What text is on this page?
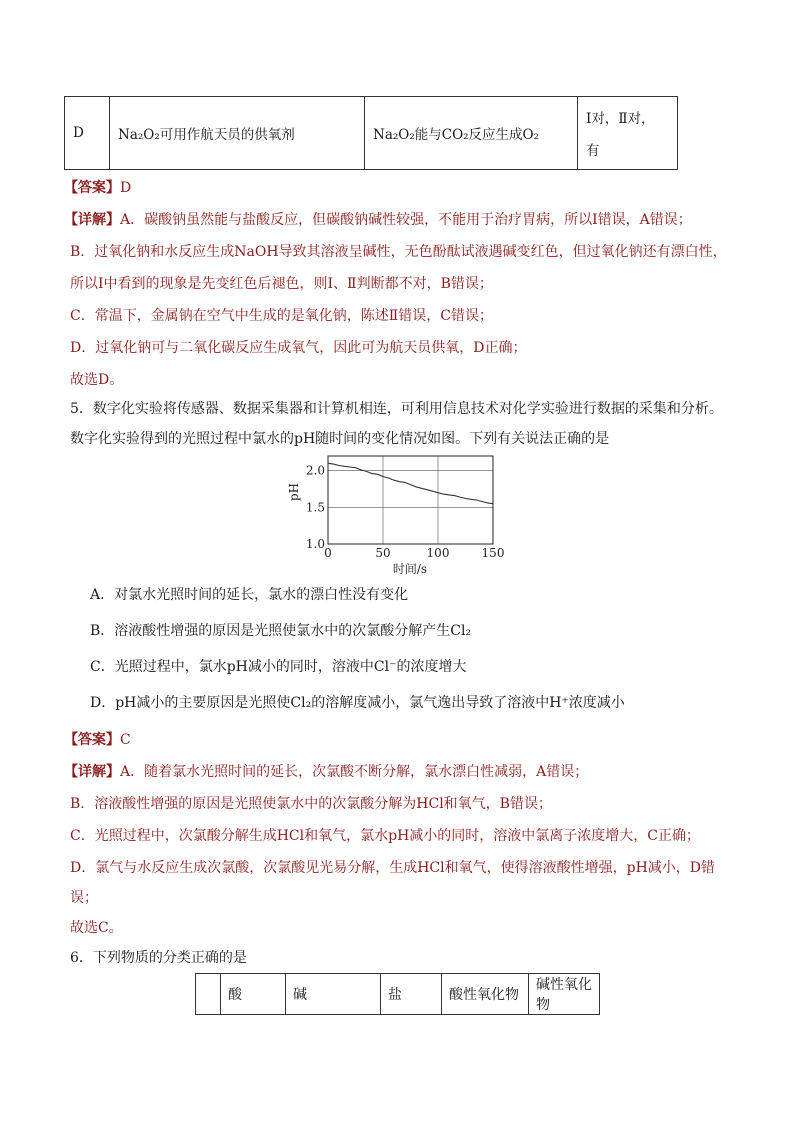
D	Na₂O₂可用作航天员的供氧剂	Na₂O₂能与CO₂反应生成O₂	
Ⅰ对，Ⅱ对，
有
【答案】D
【详解】A．碳酸钠虽然能与盐酸反应，但碳酸钠碱性较强，不能用于治疗胃病，所以Ⅰ错误，A错误；
B．过氧化钠和水反应生成NaOH导致其溶液呈碱性，无色酚酞试液遇碱变红色，但过氧化钠还有漂白性，
所以Ⅰ中看到的现象是先变红色后褪色，则Ⅰ、Ⅱ判断都不对，B错误；
C．常温下，金属钠在空气中生成的是氧化钠，陈述Ⅱ错误，C错误；
D．过氧化钠可与二氧化碳反应生成氧气，因此可为航天员供氧，D正确；
故选D。
5．数字化实验将传感器、数据采集器和计算机相连，可利用信息技术对化学实验进行数据的采集和分析。
数字化实验得到的光照过程中氯水的pH随时间的变化情况如图。下列有关说法正确的是
1.0
1.5
2.0
0	50	100	150
pH
时间/s
A．对氯水光照时间的延长，氯水的漂白性没有变化
B．溶液酸性增强的原因是光照使氯水中的次氯酸分解产生Cl₂
C．光照过程中，氯水pH减小的同时，溶液中Cl⁻的浓度增大
D．pH减小的主要原因是光照使Cl₂的溶解度减小，氯气逸出导致了溶液中H⁺浓度减小
【答案】C
【详解】A．随着氯水光照时间的延长，次氯酸不断分解，氯水漂白性减弱，A错误；
B．溶液酸性增强的原因是光照使氯水中的次氯酸分解为HCl和氧气，B错误；
C．光照过程中，次氯酸分解生成HCl和氧气，氯水pH减小的同时，溶液中氯离子浓度增大，C正确；
D．氯气与水反应生成次氯酸，次氯酸见光易分解，生成HCl和氧气，使得溶液酸性增强，pH减小，D错
误；
故选C。
6．下列物质的分类正确的是
	酸	碱	盐	酸性氧化物	碱性氧化物
